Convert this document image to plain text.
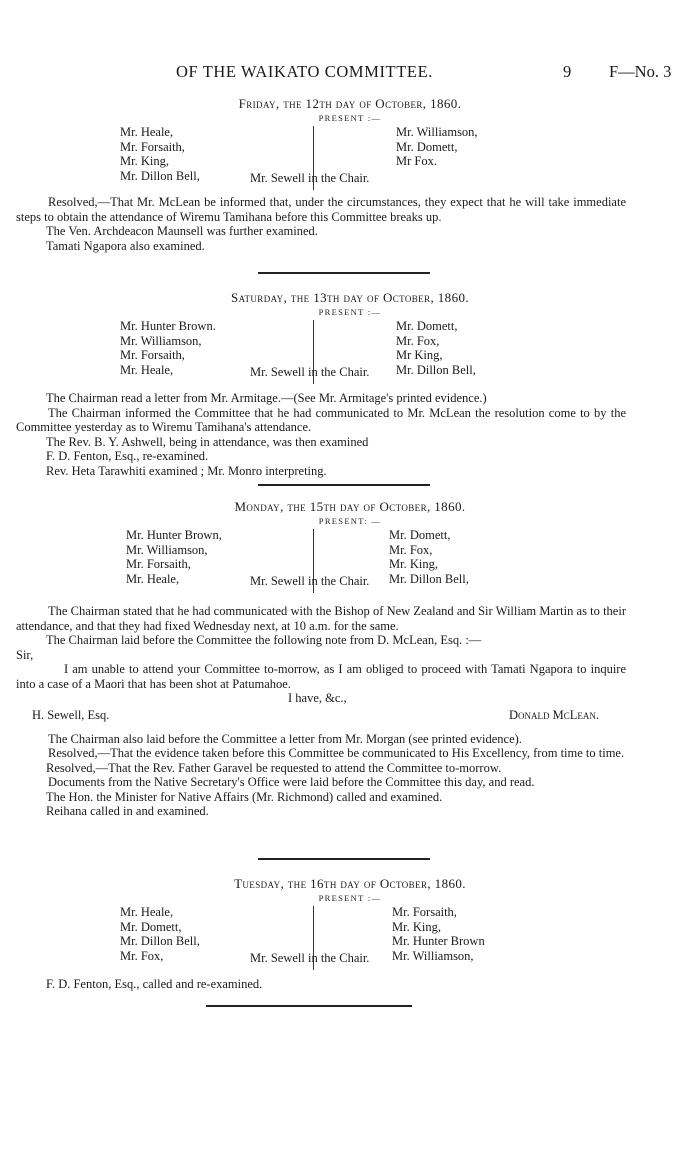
OF THE WAIKATO COMMITTEE.	9 F—No. 3
Friday, the 12th day of October, 1860.
PRESENT :—
Mr. Heale,
Mr. Forsaith,
Mr. King,
Mr. Dillon Bell,
Mr. Williamson,
Mr. Domett,
Mr Fox.
Mr. Sewell in the Chair.

Resolved,—That Mr. McLean be informed that, under the circumstances, they expect that he will take immediate steps to obtain the attendance of Wiremu Tamihana before this Committee breaks up.

The Ven. Archdeacon Maunsell was further examined.

Tamati Ngapora also examined.

Saturday, the 13th day of October, 1860.
PRESENT :—
Mr. Hunter Brown.
Mr. Williamson,
Mr. Forsaith,
Mr. Heale,
Mr. Domett,
Mr. Fox,
Mr King,
Mr. Dillon Bell,
Mr. Sewell in the Chair.

The Chairman read a letter from Mr. Armitage.—(See Mr. Armitage's printed evidence.)

The Chairman informed the Committee that he had communicated to Mr. McLean the resolution come to by the Committee yesterday as to Wiremu Tamihana's attendance.

The Rev. B. Y. Ashwell, being in attendance, was then examined

F. D. Fenton, Esq., re-examined.

Rev. Heta Tarawhiti examined ; Mr. Monro interpreting.

Monday, the 15th day of October, 1860.
PRESENT: —
Mr. Hunter Brown,
Mr. Williamson,
Mr. Forsaith,
Mr. Heale,
Mr. Domett,
Mr. Fox,
Mr. King,
Mr. Dillon Bell,
Mr. Sewell in the Chair.

The Chairman stated that he had communicated with the Bishop of New Zealand and Sir William Martin as to their attendance, and that they had fixed Wednesday next, at 10 a.m. for the same.

The Chairman laid before the Committee the following note from D. McLean, Esq. :—

Sir,

I am unable to attend your Committee to-morrow, as I am obliged to proceed with Tamati Ngapora to inquire into a case of a Maori that has been shot at Patumahoe.

I have, &c.,

H. Sewell, Esq.	Donald McLean.

The Chairman also laid before the Committee a letter from Mr. Morgan (see printed evidence).

Resolved,—That the evidence taken before this Committee be communicated to His Excellency, from time to time.

Resolved,—That the Rev. Father Garavel be requested to attend the Committee to-morrow.

Documents from the Native Secretary's Office were laid before the Committee this day, and read.

The Hon. the Minister for Native Affairs (Mr. Richmond) called and examined.

Reihana called in and examined.

Tuesday, the 16th day of October, 1860.
PRESENT :—
Mr. Heale,
Mr. Domett,
Mr. Dillon Bell,
Mr. Fox,
Mr. Forsaith,
Mr. King,
Mr. Hunter Brown
Mr. Williamson,
Mr. Sewell in the Chair.

F. D. Fenton, Esq., called and re-examined.
